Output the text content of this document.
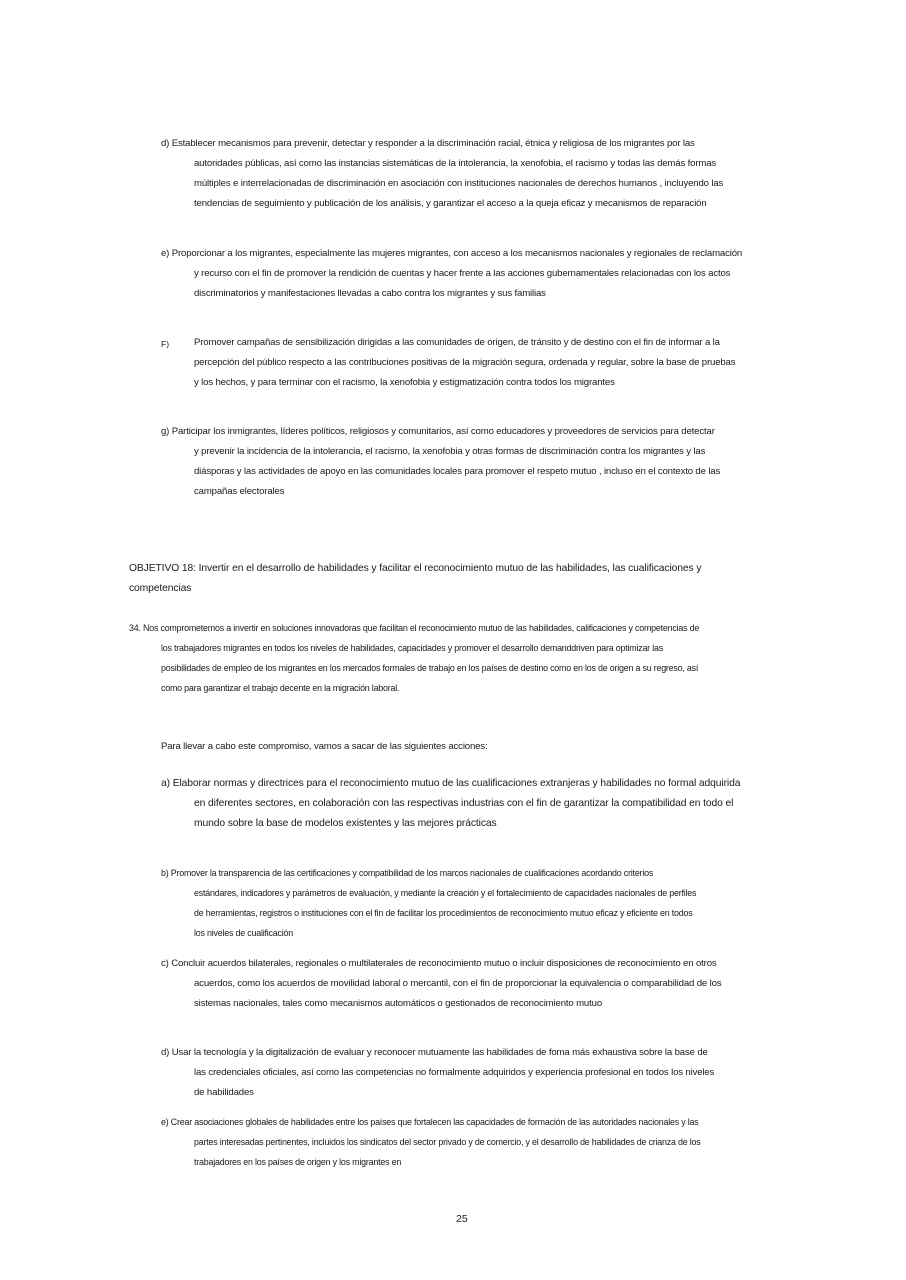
d) Establecer mecanismos para prevenir, detectar y responder a la discriminación racial, étnica y religiosa de los migrantes por las
autoridades públicas, así como las instancias sistemáticas de la intolerancia, la xenofobia, el racismo y todas las demás formas
múltiples e interrelacionadas de discriminación en asociación con instituciones nacionales de derechos humanos , incluyendo las
tendencias de seguimiento y publicación de los análisis, y garantizar el acceso a la queja eficaz y mecanismos de reparación
e) Proporcionar a los migrantes, especialmente las mujeres migrantes, con acceso a los mecanismos nacionales y regionales de reclamación
y recurso con el fin de promover la rendición de cuentas y hacer frente a las acciones gubernamentales relacionadas con los actos
discriminatorios y manifestaciones llevadas a cabo contra los migrantes y sus familias
F)	Promover campañas de sensibilización dirigidas a las comunidades de origen, de tránsito y de destino con el fin de informar a la
percepción del público respecto a las contribuciones positivas de la migración segura, ordenada y regular, sobre la base de pruebas
y los hechos, y para terminar con el racismo, la xenofobia y estigmatización contra todos los migrantes
g) Participar los inmigrantes, líderes políticos, religiosos y comunitarios, así como educadores y proveedores de servicios para detectar
y prevenir la incidencia de la intolerancia, el racismo, la xenofobia y otras formas de discriminación contra los migrantes y las
diásporas y las actividades de apoyo en las comunidades locales para promover el respeto mutuo , incluso en el contexto de las
campañas electorales
OBJETIVO 18: Invertir en el desarrollo de habilidades y facilitar el reconocimiento mutuo de las habilidades, las cualificaciones y
competencias
34. Nos comprometemos a invertir en soluciones innovadoras que facilitan el reconocimiento mutuo de las habilidades, calificaciones y competencias de
los trabajadores migrantes en todos los niveles de habilidades, capacidades y promover el desarrollo demanddriven para optimizar las
posibilidades de empleo de los migrantes en los mercados formales de trabajo en los países de destino como en los de origen a su regreso, así
como para garantizar el trabajo decente en la migración laboral.
Para llevar a cabo este compromiso, vamos a sacar de las siguientes acciones:
a) Elaborar normas y directrices para el reconocimiento mutuo de las cualificaciones extranjeras y habilidades no formal adquirida
en diferentes sectores, en colaboración con las respectivas industrias con el fin de garantizar la compatibilidad en todo el
mundo sobre la base de modelos existentes y las mejores prácticas
b) Promover la transparencia de las certificaciones y compatibilidad de los marcos nacionales de cualificaciones acordando criterios
estándares, indicadores y parámetros de evaluación, y mediante la creación y el fortalecimiento de capacidades nacionales de perfiles
de herramientas, registros o instituciones con el fin de facilitar los procedimientos de reconocimiento mutuo eficaz y eficiente en todos
los niveles de cualificación
c) Concluir acuerdos bilaterales, regionales o multilaterales de reconocimiento mutuo o incluir disposiciones de reconocimiento en otros
acuerdos, como los acuerdos de movilidad laboral o mercantil, con el fin de proporcionar la equivalencia o comparabilidad de los
sistemas nacionales, tales como mecanismos automáticos o gestionados de reconocimiento mutuo
d) Usar la tecnología y la digitalización de evaluar y reconocer mutuamente las habilidades de foma más exhaustiva sobre la base de
las credenciales oficiales, así como las competencias no formalmente adquiridos y experiencia profesional en todos los niveles
de habilidades
e) Crear asociaciones globales de habilidades entre los países que fortalecen las capacidades de formación de las autoridades nacionales y las
partes interesadas pertinentes, incluidos los sindicatos del sector privado y de comercio, y el desarrollo de habilidades de crianza de los
trabajadores en los países de origen y los migrantes en
25
